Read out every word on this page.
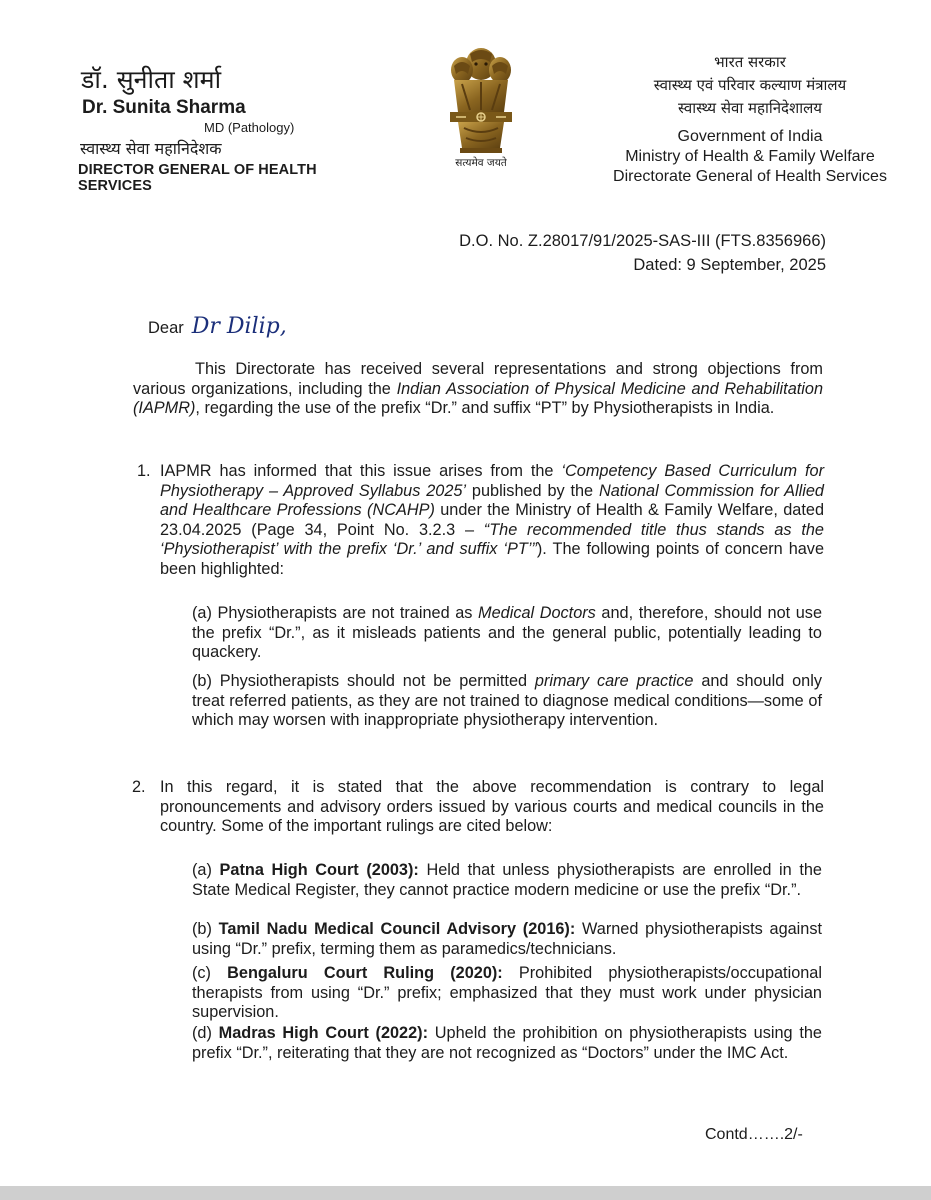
डॉ. सुनीता शर्मा
Dr. Sunita Sharma
MD (Pathology)
स्वास्थ्य सेवा महानिदेशक
DIRECTOR GENERAL OF HEALTH SERVICES
सत्यमेव जयते
भारत सरकार
स्वास्थ्य एवं परिवार कल्याण मंत्रालय
स्वास्थ्य सेवा महानिदेशालय
Government of India
Ministry of Health & Family Welfare
Directorate General of Health Services
D.O. No. Z.28017/91/2025-SAS-III (FTS.8356966)
Dated: 9 September, 2025
Dear Dr Dilip,
This Directorate has received several representations and strong objections from various organizations, including the Indian Association of Physical Medicine and Rehabilitation (IAPMR), regarding the use of the prefix “Dr.” and suffix “PT” by Physiotherapists in India.
1. IAPMR has informed that this issue arises from the ‘Competency Based Curriculum for Physiotherapy – Approved Syllabus 2025’ published by the National Commission for Allied and Healthcare Professions (NCAHP) under the Ministry of Health & Family Welfare, dated 23.04.2025 (Page 34, Point No. 3.2.3 – “The recommended title thus stands as the ‘Physiotherapist’ with the prefix ‘Dr.’ and suffix ‘PT’”). The following points of concern have been highlighted:
(a) Physiotherapists are not trained as Medical Doctors and, therefore, should not use the prefix “Dr.”, as it misleads patients and the general public, potentially leading to quackery.
(b) Physiotherapists should not be permitted primary care practice and should only treat referred patients, as they are not trained to diagnose medical conditions—some of which may worsen with inappropriate physiotherapy intervention.
2. In this regard, it is stated that the above recommendation is contrary to legal pronouncements and advisory orders issued by various courts and medical councils in the country. Some of the important rulings are cited below:
(a) Patna High Court (2003): Held that unless physiotherapists are enrolled in the State Medical Register, they cannot practice modern medicine or use the prefix “Dr.”.
(b) Tamil Nadu Medical Council Advisory (2016): Warned physiotherapists against using “Dr.” prefix, terming them as paramedics/technicians.
(c) Bengaluru Court Ruling (2020): Prohibited physiotherapists/occupational therapists from using “Dr.” prefix; emphasized that they must work under physician supervision.
(d) Madras High Court (2022): Upheld the prohibition on physiotherapists using the prefix “Dr.”, reiterating that they are not recognized as “Doctors” under the IMC Act.
Contd…….2/-
